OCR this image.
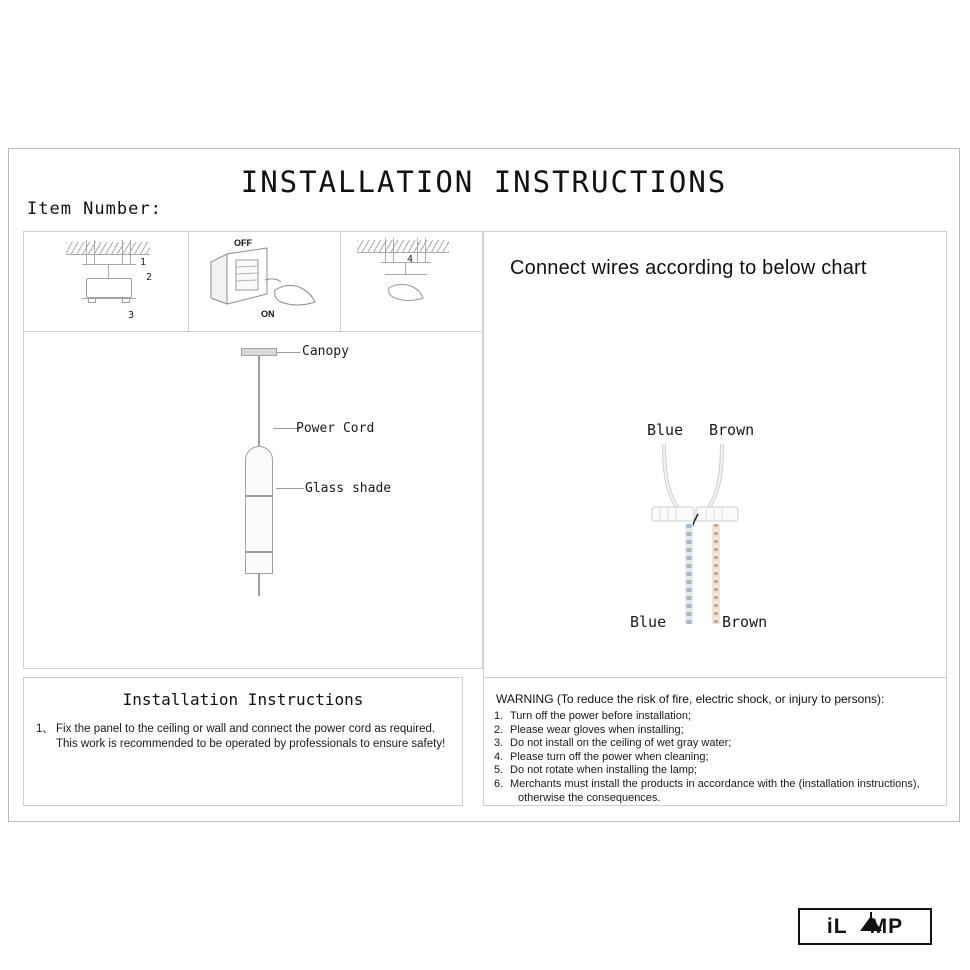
INSTALLATION INSTRUCTIONS
Item Number:
1
2
3
OFF
ON
4
Canopy
Power Cord
Glass shade
Connect wires according to below chart
Blue Brown
Blue	Brown
Installation Instructions
1、 Fix the panel to the ceiling or wall and connect the power cord as required.
This work is recommended to be operated by professionals to ensure safety!
WARNING (To reduce the risk of fire, electric shock, or injury to persons):
1. Turn off the power before installation;
2. Please wear gloves when installing;
3. Do not install on the ceiling of wet gray water;
4. Please turn off the power when cleaning;
5. Do not rotate when installing the lamp;
6. Merchants must install the products in accordance with the (installation instructions),
otherwise the consequences.
iL MP
